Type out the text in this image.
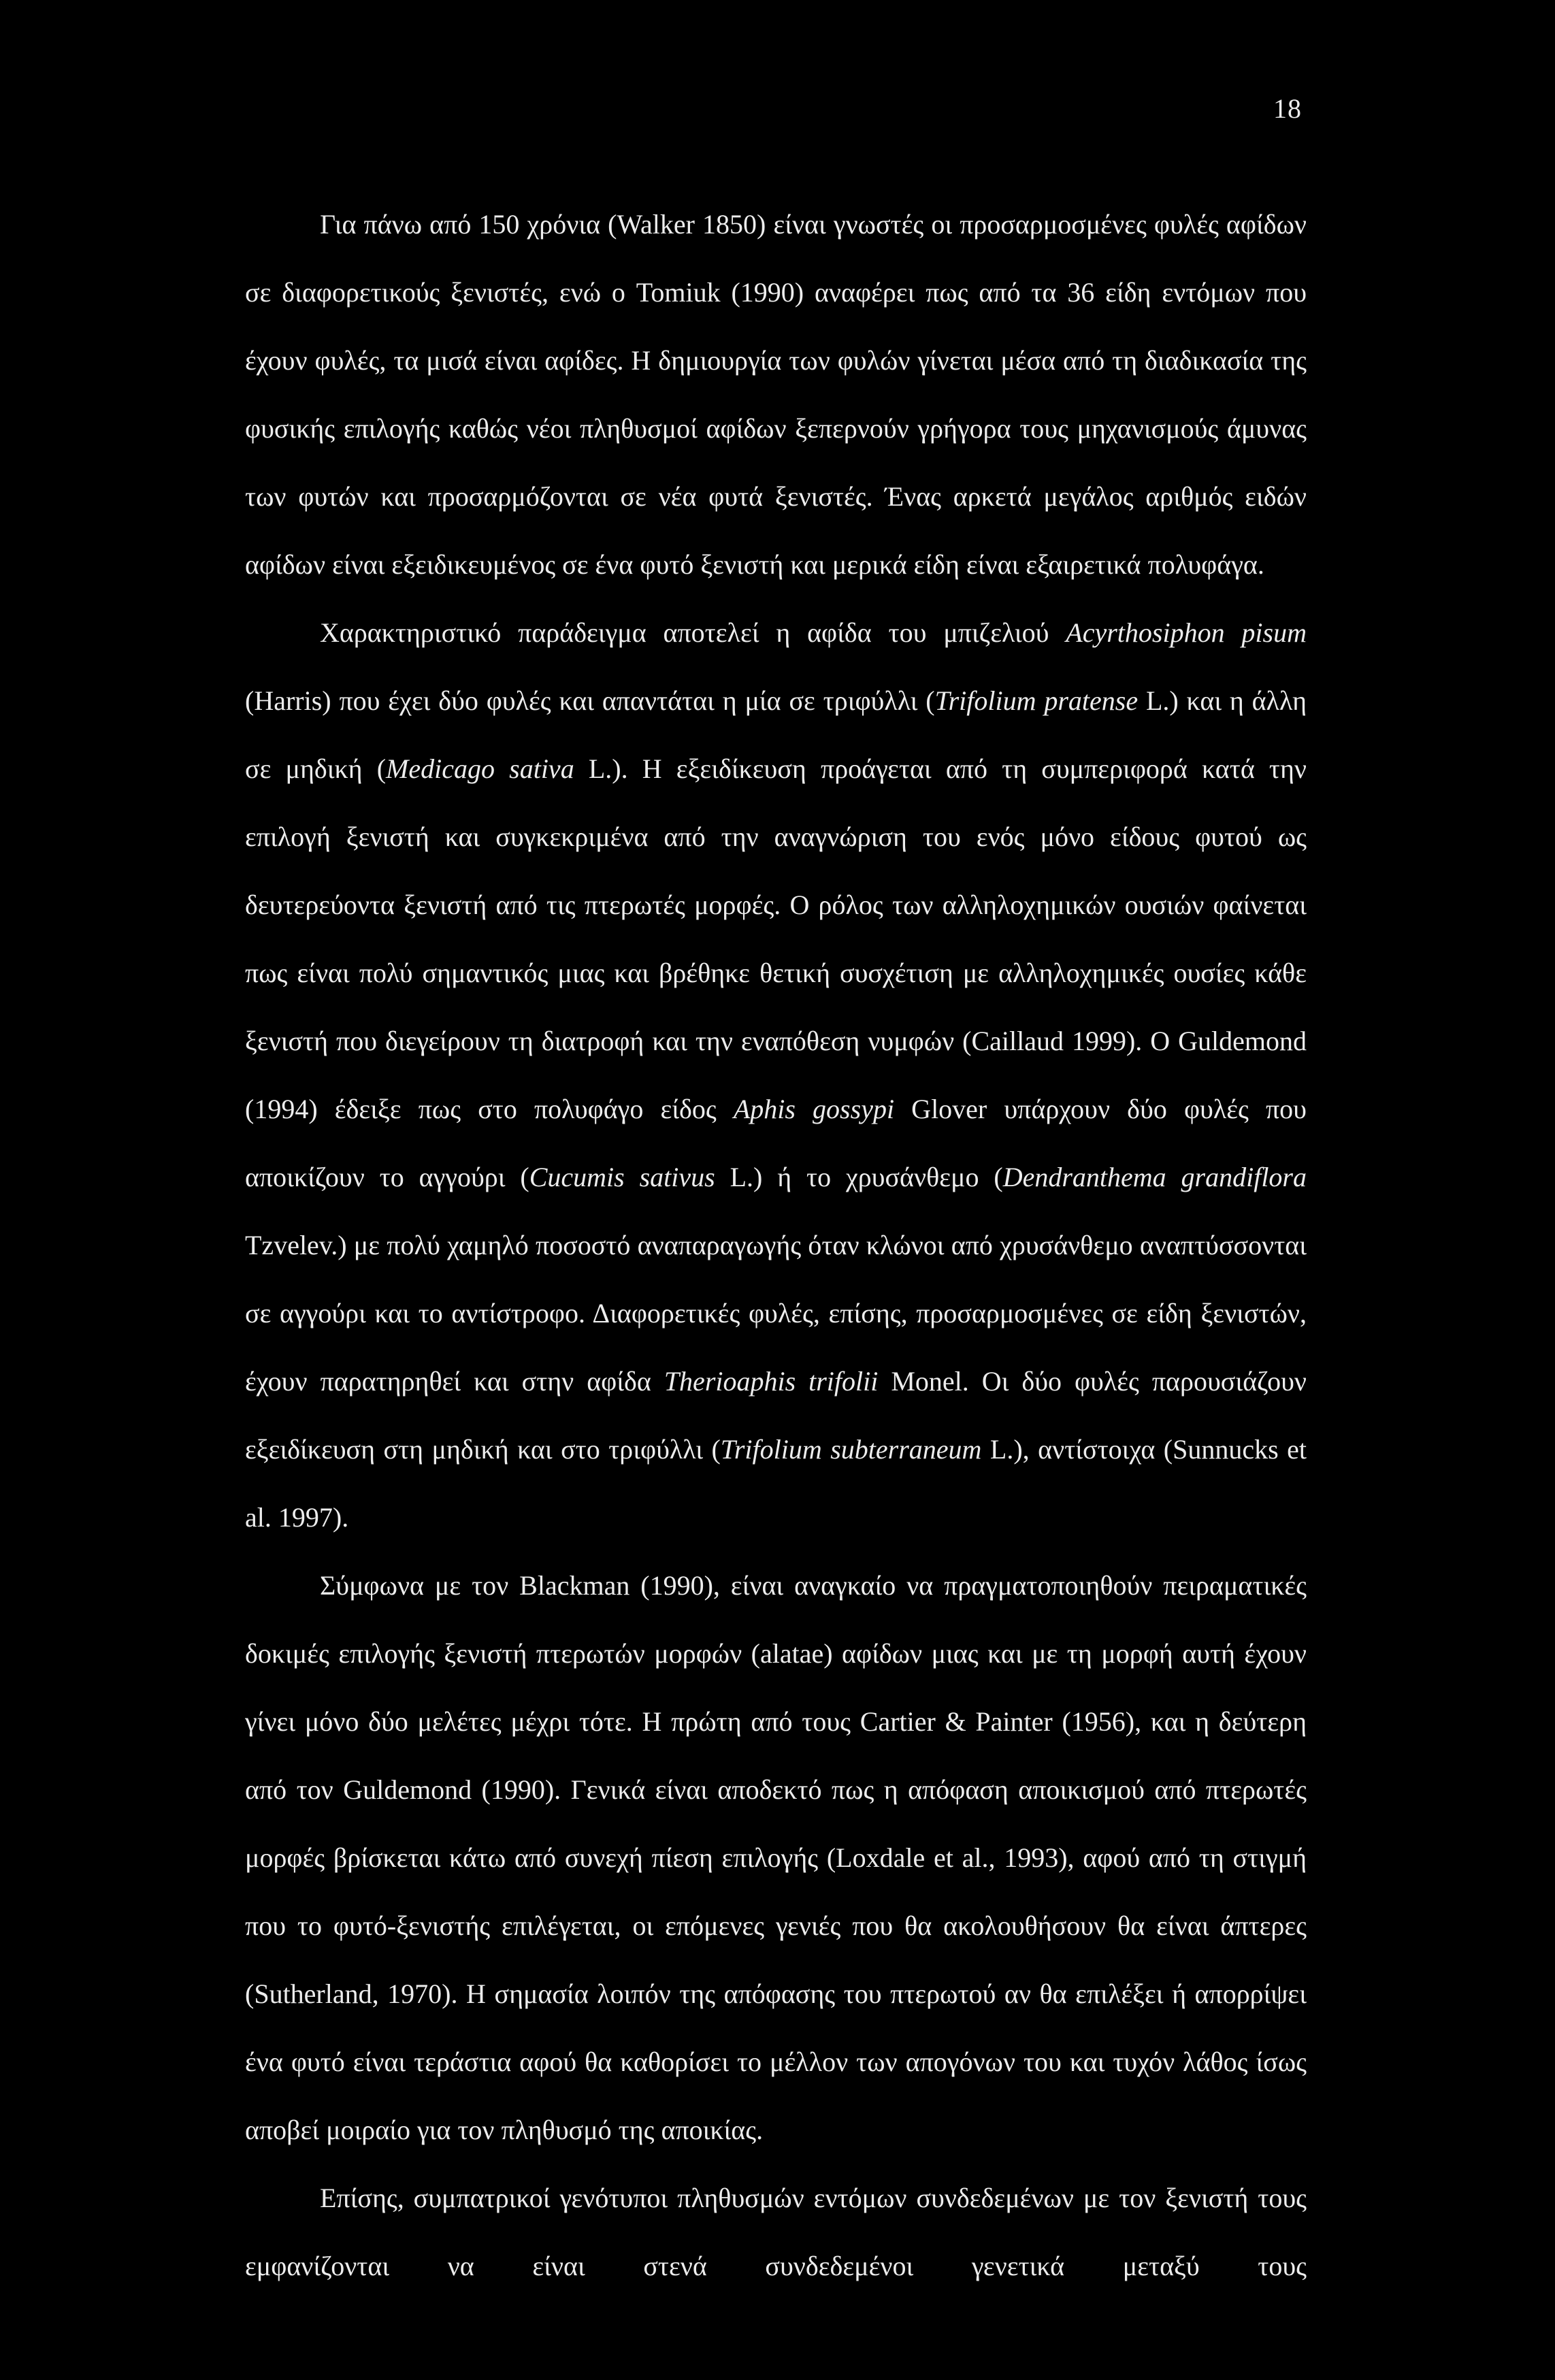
18

Για πάνω από 150 χρόνια (Walker 1850) είναι γνωστές οι προσαρμοσμένες φυλές αφίδων σε διαφορετικούς ξενιστές, ενώ ο Tomiuk (1990) αναφέρει πως από τα 36 είδη εντόμων που έχουν φυλές, τα μισά είναι αφίδες. Η δημιουργία των φυλών γίνεται μέσα από τη διαδικασία της φυσικής επιλογής καθώς νέοι πληθυσμοί αφίδων ξεπερνούν γρήγορα τους μηχανισμούς άμυνας των φυτών και προσαρμόζονται σε νέα φυτά ξενιστές. Ένας αρκετά μεγάλος αριθμός ειδών αφίδων είναι εξειδικευμένος σε ένα φυτό ξενιστή και μερικά είδη είναι εξαιρετικά πολυφάγα.

Χαρακτηριστικό παράδειγμα αποτελεί η αφίδα του μπιζελιού Acyrthosiphon pisum (Harris) που έχει δύο φυλές και απαντάται η μία σε τριφύλλι (Trifolium pratense L.) και η άλλη σε μηδική (Medicago sativa L.). Η εξειδίκευση προάγεται από τη συμπεριφορά κατά την επιλογή ξενιστή και συγκεκριμένα από την αναγνώριση του ενός μόνο είδους φυτού ως δευτερεύοντα ξενιστή από τις πτερωτές μορφές. Ο ρόλος των αλληλοχημικών ουσιών φαίνεται πως είναι πολύ σημαντικός μιας και βρέθηκε θετική συσχέτιση με αλληλοχημικές ουσίες κάθε ξενιστή που διεγείρουν τη διατροφή και την εναπόθεση νυμφών (Caillaud 1999). Ο Guldemond (1994) έδειξε πως στο πολυφάγο είδος Aphis gossypi Glover υπάρχουν δύο φυλές που αποικίζουν το αγγούρι (Cucumis sativus L.) ή το χρυσάνθεμο (Dendranthema grandiflora Tzvelev.) με πολύ χαμηλό ποσοστό αναπαραγωγής όταν κλώνοι από χρυσάνθεμο αναπτύσσονται σε αγγούρι και το αντίστροφο. Διαφορετικές φυλές, επίσης, προσαρμοσμένες σε είδη ξενιστών, έχουν παρατηρηθεί και στην αφίδα Therioaphis trifolii Monel. Οι δύο φυλές παρουσιάζουν εξειδίκευση στη μηδική και στο τριφύλλι (Trifolium subterraneum L.), αντίστοιχα (Sunnucks et al. 1997).

Σύμφωνα με τον Blackman (1990), είναι αναγκαίο να πραγματοποιηθούν πειραματικές δοκιμές επιλογής ξενιστή πτερωτών μορφών (alatae) αφίδων μιας και με τη μορφή αυτή έχουν γίνει μόνο δύο μελέτες μέχρι τότε. Η πρώτη από τους Cartier & Painter (1956), και η δεύτερη από τον Guldemond (1990). Γενικά είναι αποδεκτό πως η απόφαση αποικισμού από πτερωτές μορφές βρίσκεται κάτω από συνεχή πίεση επιλογής (Loxdale et al., 1993), αφού από τη στιγμή που το φυτό-ξενιστής επιλέγεται, οι επόμενες γενιές που θα ακολουθήσουν θα είναι άπτερες (Sutherland, 1970). Η σημασία λοιπόν της απόφασης του πτερωτού αν θα επιλέξει ή απορρίψει ένα φυτό είναι τεράστια αφού θα καθορίσει το μέλλον των απογόνων του και τυχόν λάθος ίσως αποβεί μοιραίο για τον πληθυσμό της αποικίας.

Επίσης, συμπατρικοί γενότυποι πληθυσμών εντόμων συνδεδεμένων με τον ξενιστή τους εμφανίζονται να είναι στενά συνδεδεμένοι γενετικά μεταξύ τους
